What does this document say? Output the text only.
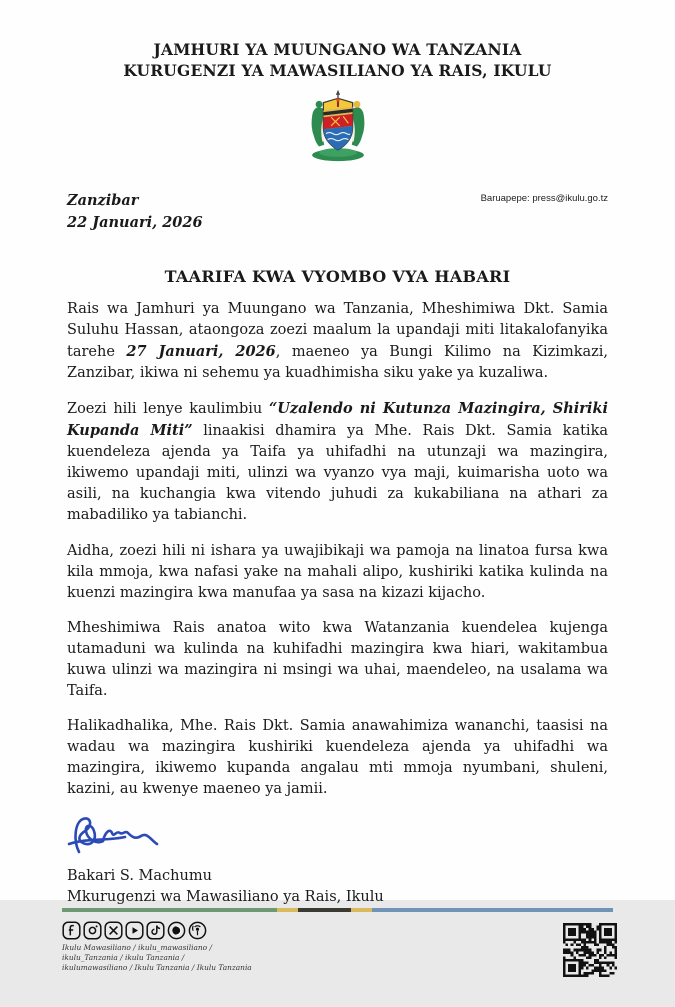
JAMHURI YA MUUNGANO WA TANZANIA
KURUGENZI YA MAWASILIANO YA RAIS, IKULU
Zanzibar
22 Januari, 2026
Baruapepe: press@ikulu.go.tz
TAARIFA KWA VYOMBO VYA HABARI

Rais wa Jamhuri ya Muungano wa Tanzania, Mheshimiwa Dkt. Samia Suluhu Hassan, ataongoza zoezi maalum la upandaji miti litakalofanyika tarehe 27 Januari, 2026, maeneo ya Bungi Kilimo na Kizimkazi, Zanzibar, ikiwa ni sehemu ya kuadhimisha siku yake ya kuzaliwa.

Zoezi hili lenye kaulimbiu “Uzalendo ni Kutunza Mazingira, Shiriki Kupanda Miti” linaakisi dhamira ya Mhe. Rais Dkt. Samia katika kuendeleza ajenda ya Taifa ya uhifadhi na utunzaji wa mazingira, ikiwemo upandaji miti, ulinzi wa vyanzo vya maji, kuimarisha uoto wa asili, na kuchangia kwa vitendo juhudi za kukabiliana na athari za mabadiliko ya tabianchi.

Aidha, zoezi hili ni ishara ya uwajibikaji wa pamoja na linatoa fursa kwa kila mmoja, kwa nafasi yake na mahali alipo, kushiriki katika kulinda na kuenzi mazingira kwa manufaa ya sasa na kizazi kijacho.

Mheshimiwa Rais anatoa wito kwa Watanzania kuendelea kujenga utamaduni wa kulinda na kuhifadhi mazingira kwa hiari, wakitambua kuwa ulinzi wa mazingira ni msingi wa uhai, maendeleo, na usalama wa Taifa.

Halikadhalika, Mhe. Rais Dkt. Samia anawahimiza wananchi, taasisi na wadau wa mazingira kushiriki kuendeleza ajenda ya uhifadhi wa mazingira, ikiwemo kupanda angalau mti mmoja nyumbani, shuleni, kazini, au kwenye maeneo ya jamii.

Bakari S. Machumu
Mkurugenzi wa Mawasiliano ya Rais, Ikulu
Ikulu Mawasiliano / ikulu_mawasiliano /
ikulu_Tanzania / ikulu Tanzania /
ikulumawasiliano / Ikulu Tanzania / Ikulu Tanzania
